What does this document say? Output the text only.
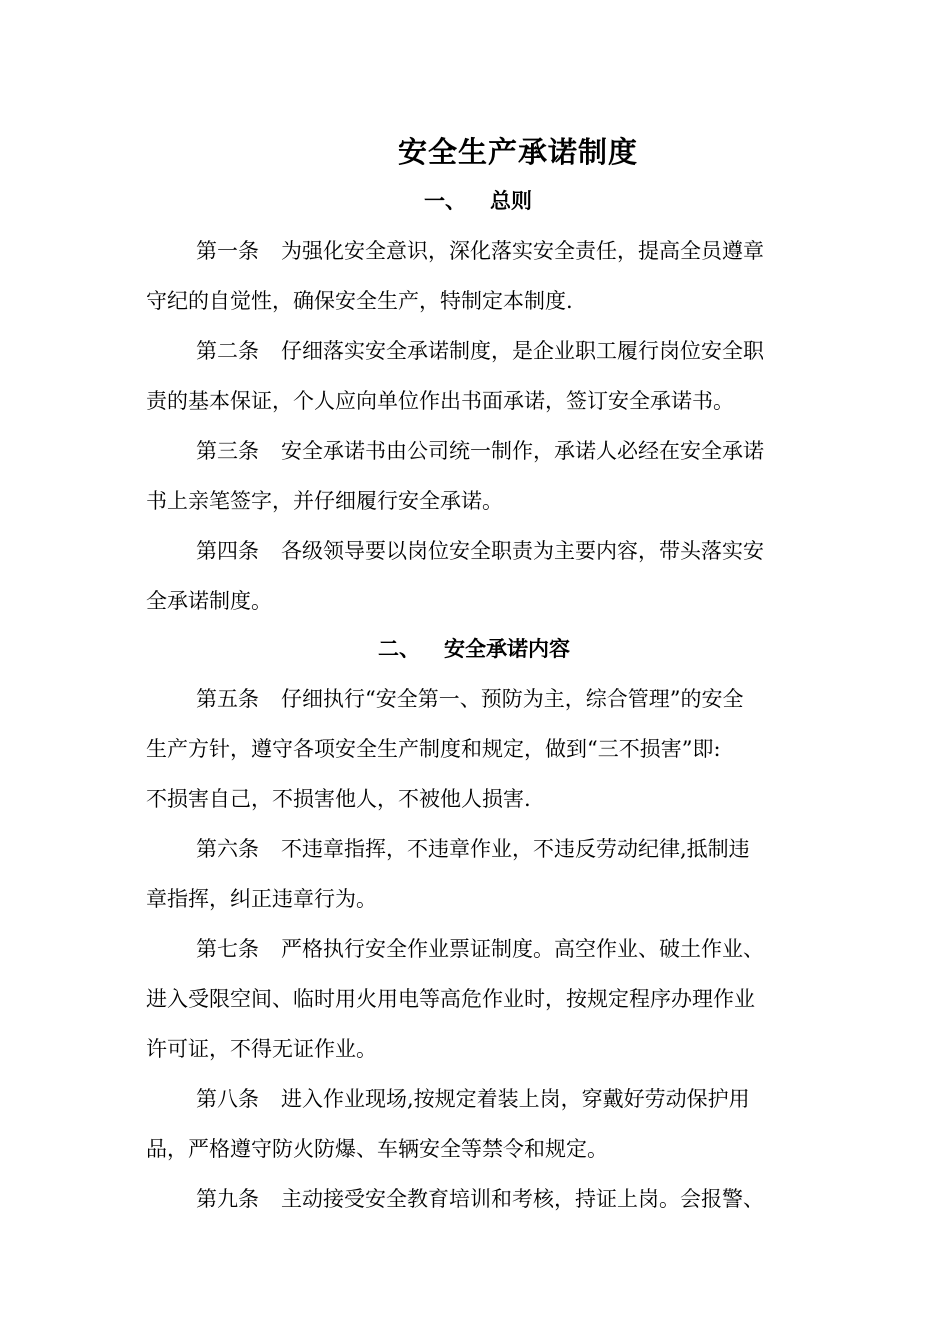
安全生产承诺制度
一、 总则
第一条 为强化安全意识，深化落实安全责任，提高全员遵章
守纪的自觉性，确保安全生产，特制定本制度.
第二条 仔细落实安全承诺制度，是企业职工履行岗位安全职
责的基本保证，个人应向单位作出书面承诺，签订安全承诺书。
第三条 安全承诺书由公司统一制作，承诺人必经在安全承诺
书上亲笔签字，并仔细履行安全承诺。
第四条 各级领导要以岗位安全职责为主要内容，带头落实安
全承诺制度。
二、 安全承诺内容
第五条 仔细执行“安全第一、预防为主，综合管理”的安全
生产方针，遵守各项安全生产制度和规定，做到“三不损害”即:
不损害自己，不损害他人，不被他人损害.
第六条 不违章指挥，不违章作业，不违反劳动纪律,抵制违
章指挥，纠正违章行为。
第七条 严格执行安全作业票证制度。高空作业、破土作业、
进入受限空间、临时用火用电等高危作业时，按规定程序办理作业
许可证，不得无证作业。
第八条 进入作业现场,按规定着装上岗，穿戴好劳动保护用
品，严格遵守防火防爆、车辆安全等禁令和规定。
第九条 主动接受安全教育培训和考核，持证上岗。会报警、
